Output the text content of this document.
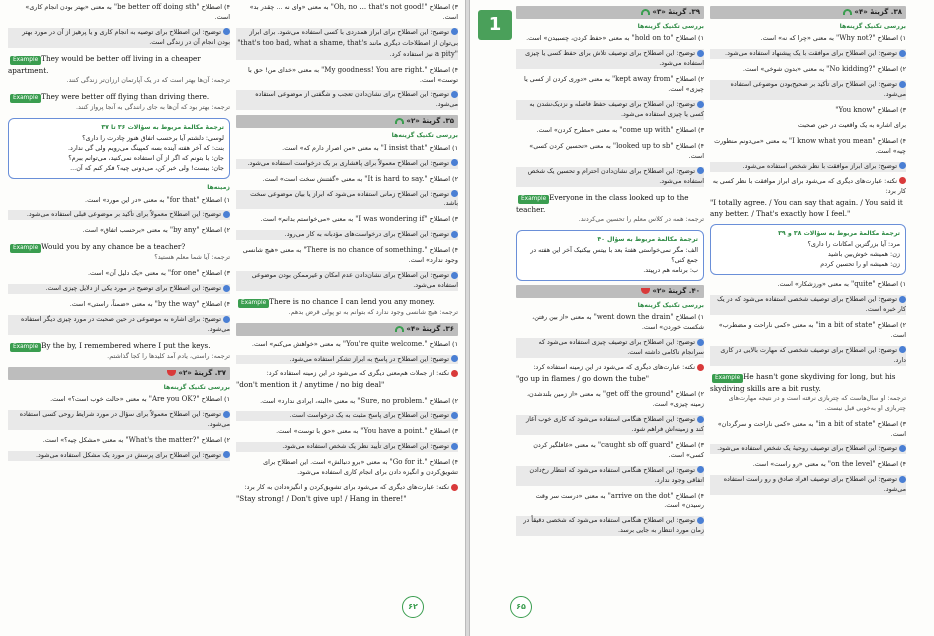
۳) اصطلاح "Oh, no ... that's not good!" به معنی «وای نه ... چقدر بد» است.
توضیح: این اصطلاح برای ابراز همدردی با کسی استفاده می‌شود. برای ابراز بی‌توان از اصطلاحات دیگری مانند "that's too bad, what a shame, that's a pity" نیز استفاده کرد.
۴) اصطلاح "My goodness! You are right." به معنی «خدای من! حق با توست» است.
توضیح: این اصطلاح برای نشان‌دادن تعجب و شگفتی از موضوعی استفاده می‌شود.
۳۵. گزینهٔ «۲»
بررسی تکنیک گزینه‌ها
۱) اصطلاح "I insist that" به معنی «من اصرار دارم که» است.
توضیح: این اصطلاح معمولاً برای پافشاری بر یک درخواست استفاده می‌شود.
۲) اصطلاح "It is hard to say." به معنی «گفتنش سخت است» است.
توضیح: این اصطلاح زمانی استفاده می‌شود که ابراز یا بیان موضوعی سخت باشد.
۳) اصطلاح "I was wondering if" به معنی «می‌خواستم بدانم» است.
توضیح: این اصطلاح برای درخواست‌های مؤدبانه به کار می‌رود.
۴) اصطلاح "There is no chance of something." به معنی «هیچ شانسی وجود ندارد» است.
توضیح: این اصطلاح برای نشان‌دادن عدم امکان و غیرممکن بودن موضوعی استفاده می‌شود.
Example There is no chance I can lend you any money.
ترجمه: هیچ شانسی وجود ندارد که بتوانم به تو پولی قرض بدهم.
۳۶. گزینهٔ «۴»
۱) اصطلاح "You're quite welcome." به معنی «خواهش می‌کنم» است.
توضیح: این اصطلاح در پاسخ به ابراز تشکر استفاده می‌شود.
نکته: از جملات هم‌معنی دیگری که می‌شود در این زمینه استفاده کرد:
"don't mention it / anytime / no big deal"
۲) اصطلاح "Sure, no problem." به معنی «البته، ایرادی ندارد» است.
توضیح: این اصطلاح برای پاسخ مثبت به یک درخواست است.
۳) اصطلاح "You have a point." به معنی «حق با توست» است.
توضیح: این اصطلاح برای تأیید نظر یک شخص استفاده می‌شود.
۴) اصطلاح "Go for it." به معنی «برو دنبالش» است. این اصطلاح برای تشویق‌کردن و انگیزه دادن برای انجام کاری استفاده می‌شود.
نکته: عبارت‌های دیگری که می‌شود برای تشویق‌کردن و انگیزه‌دادن به کار برد:
"Stay strong! / Don't give up! / Hang in there!"
۴) اصطلاح "be better off doing sth" به معنی «بهتر بودن انجام کاری» است.
توضیح: این اصطلاح برای توصیه به انجام کاری و یا پرهیز از آن در مورد بهتر بودن انجام آن در زندگی است.
Example They would be better off living in a cheaper apartment.
ترجمه: آن‌ها بهتر است که در یک آپارتمان ارزان‌تر زندگی کنند.
Example They were better off flying than driving there.
ترجمه: بهتر بود که آن‌ها به جای رانندگی به آنجا پرواز کنند.
ترجمهٔ مکالمهٔ مربوط به سؤالات ۳۶ تا ۳۷
لوسی: دلشتم آیا برحسب اتفاق هنوز چادرت را داری؟
بنت: که آخر هفته آینده بسه کمپینگ می‌رویم ولی گی ندارد.
جان: با بتونم که اگر از آن استفاده نمی‌کنید، می‌توانم ببرم؟
جان: بیست! ولی خبر کن، می‌دونی چیه؟ فکر کنم که آن...
زمینه‌ها
۱) اصطلاح "for that" به معنی «در این مورد» است.
توضیح: این اصطلاح معمولاً برای تأکید بر موضوعی قبلی استفاده می‌شود.
۲) اصطلاح "by any" به معنی «برحسب اتفاق» است.
Example Would you by any chance be a teacher?
ترجمه: آیا شما معلم هستید؟
۳) اصطلاح "for one" به معنی «یک دلیل آن» است.
توضیح: این اصطلاح برای توضیح در مورد یکی از دلایل چیزی است.
۴) اصطلاح "by the way" به معنی «ضمناً، راستی» است.
توضیح: برای اشاره به موضوعی در حین صحبت در مورد چیزی دیگر استفاده می‌شود.
Example By the by, I remembered where I put the keys.
ترجمه: راستی، یادم آمد کلیدها را کجا گذاشتم.
۳۷. گزینهٔ «۲»
بررسی تکنیک گزینه‌ها
۱) اصطلاح "Are you OK?" به معنی «حالت خوب است؟» است.
توضیح: این اصطلاح معمولاً برای سؤال در مورد شرایط روحی کسی استفاده می‌شود.
۲) اصطلاح "What's the matter?" به معنی «مشکل چیه؟» است.
توضیح: این اصطلاح برای پرسش در مورد یک مشکل استفاده می‌شود.
۶۲
1
۳۹. گزینهٔ «۳»
بررسی تکنیک گزینه‌ها
۱) اصطلاح "hold on to" به معنی «حفظ کردن، چسبیدن» است.
توضیح: این اصطلاح برای توصیف تلاش برای حفظ کسی یا چیزی استفاده می‌شود.
۲) اصطلاح "kept away from" به معنی «دوری کردن از کسی یا چیزی» است.
توضیح: این اصطلاح برای توصیف حفظ فاصله و نزدیک‌نشدن به کسی یا چیزی استفاده می‌شود.
۳) اصطلاح "come up with" به معنی «مطرح کردن» است.
۴) اصطلاح "looked up to sb" به معنی «تحسین کردن کسی» است.
توضیح: این اصطلاح برای نشان‌دادن احترام و تحسین یک شخص استفاده می‌شود.
Example Everyone in the class looked up to the teacher.
ترجمه: همه در کلاس معلم را تحسین می‌کردند.
ترجمهٔ مکالمهٔ مربوط به سؤال ۴۰
الف: مگر نمی‌خواستی هفتهٔ بعد با بیتس بیکنیک آخر این هفته در جمع کنی؟
ب: برنامه هم درپیتد.
۴۰. گزینهٔ «۲»
بررسی تکنیک گزینه‌ها
۱) اصطلاح "went down the drain" به معنی «از بین رفتن، شکست خوردن» است.
توضیح: این اصطلاح برای توصیف چیزی استفاده می‌شود که سرانجام ناکامی داشته است.
نکته: عبارت‌های دیگری که می‌شود در این زمینه استفاده کرد:
"go up in flames / go down the tube"
۲) اصطلاح "get off the ground" به معنی «از زمین بلندشدن، زمینه چیزی» است.
توضیح: این اصطلاح هنگامی استفاده می‌شود که کاری خوب آغاز کند و زمینه‌اش فراهم شود.
۳) اصطلاح "caught sb off guard" به معنی «غافلگیر کردن کسی» است.
توضیح: این اصطلاح هنگامی استفاده می‌شود که انتظار رخ‌دادن اتفاقی وجود ندارد.
۴) اصطلاح "arrive on the dot" به معنی «درست سر وقت رسیدن» است.
توضیح: این اصطلاح هنگامی استفاده می‌شود که شخصی دقیقاً در زمان مورد انتظار به جایی برسد.
۳۸. گزینهٔ «۴»
بررسی تکنیک گزینه‌ها
۱) اصطلاح "Why not?" به معنی «چرا که نه» است.
توضیح: این اصطلاح برای موافقت با یک پیشنهاد استفاده می‌شود.
۲) اصطلاح "No kidding?" به معنی «بدون شوخی» است.
توضیح: این اصطلاح برای تأکید بر صحیح‌بودن موضوعی استفاده می‌شود.
۳) اصطلاح "You know"
برای اشاره به یک واقعیت در حین صحبت
۴) اصطلاح "I know what you mean" به معنی «می‌دونم منظورت چیه» است.
توضیح: برای ابراز موافقت با نظر شخص استفاده می‌شود.
نکته: عبارت‌های دیگری که می‌شود برای ابراز موافقت با نظر کسی به کار برد:
"I totally agree. / You can say that again. / You said it any better. / That's exactly how I feel."
ترجمهٔ مکالمهٔ مربوط به سؤالات ۳۸ و ۳۹
مرد: آیا بزرگترین امکانات را داری؟
زن: همیشه خوش‌بین باشید
زن: همیشه او را تحسین کردم
۱) اصطلاح "quite" به معنی «ورزشکار» است.
توضیح: این اصطلاح برای توصیف شخصی استفاده می‌شود که در یک کار خبره است.
۲) اصطلاح "in a bit of state" به معنی «کمی ناراحت و مضطرب» است.
توضیح: این اصطلاح برای توصیف شخصی که مهارت بالایی در کاری دارد.
Example He hasn't gone skydiving for long, but his skydiving skills are a bit rusty.
ترجمه: او سال‌هاست که چتربازی نرفته است و در نتیجه مهارت‌های چتربازی او به‌خوبی قبل نیست.
۳) اصطلاح "in a bit of state" به معنی «کمی ناراحت و سرگردان» است.
توضیح: این اصطلاح برای توصیف روحیهٔ یک شخص استفاده می‌شود.
۴) اصطلاح "on the level" به معنی «رو راست» است.
توضیح: این اصطلاح برای توصیف افراد صادق و رو راست استفاده می‌شود.
۶۵
